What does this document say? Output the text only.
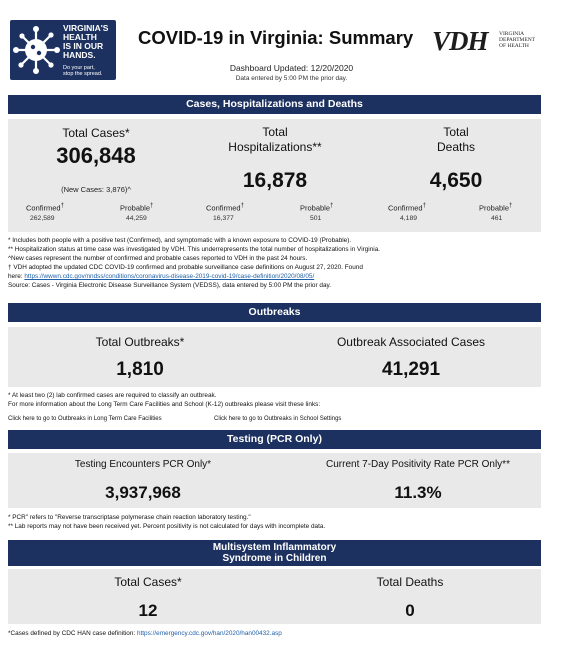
VIRGINIA'S
HEALTH
IS IN OUR
HANDS.
Do your part,
stop the spread.
COVID-19 in Virginia: Summary
Dashboard Updated: 12/20/2020
Data entered by 5:00 PM the prior day.
VDH VIRGINIA
DEPARTMENT
OF HEALTH
Cases, Hospitalizations and Deaths
Total Cases*
306,848
(New Cases: 3,876)^
Confirmed†
262,589
Probable†
44,259
Total
Hospitalizations**
16,878
Confirmed†
16,377
Probable†
501
Total
Deaths
4,650
Confirmed†
4,189
Probable†
461
* Includes both people with a positive test (Confirmed), and symptomatic with a known exposure to COVID-19 (Probable).
** Hospitalization status at time case was investigated by VDH. This underrepresents the total number of hospitalizations in Virginia.
^New cases represent the number of confirmed and probable cases reported to VDH in the past 24 hours.
† VDH adopted the updated CDC COVID-19 confirmed and probable surveillance case definitions on August 27, 2020. Found
here: https://wwwn.cdc.gov/nndss/conditions/coronavirus-disease-2019-covid-19/case-definition/2020/08/05/
Source: Cases - Virginia Electronic Disease Surveillance System (VEDSS), data entered by 5:00 PM the prior day.
Outbreaks
Total Outbreaks*
1,810
Outbreak Associated Cases
41,291
* At least two (2) lab confirmed cases are required to classify an outbreak.
For more information about the Long Term Care Facilities and School (K-12) outbreaks please visit these links:
Click here to go to Outbreaks in Long Term Care Facilities	Click here to go to Outbreaks in School Settings
Testing (PCR Only)
Testing Encounters PCR Only*
3,937,968
Current 7-Day Positivity Rate PCR Only**
11.3%
* PCR" refers to "Reverse transcriptase polymerase chain reaction laboratory testing."
** Lab reports may not have been received yet. Percent positivity is not calculated for days with incomplete data.
Multisystem Inflammatory
Syndrome in Children
Total Cases*
12
Total Deaths
0
*Cases defined by CDC HAN case definition: https://emergency.cdc.gov/han/2020/han00432.asp
